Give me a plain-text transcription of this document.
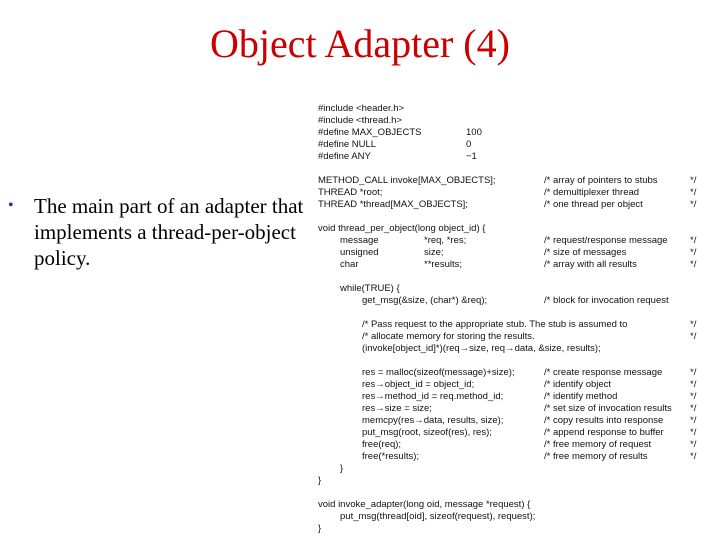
Object Adapter (4)
• The main part of an adapter that implements a thread-per-object policy.
#include <header.h>
#include <thread.h>
#define MAX_OBJECTS	100
#define NULL	0
#define ANY	−1
METHOD_CALL invoke[MAX_OBJECTS];	/* array of pointers to stubs	*/
THREAD *root;	/* demultiplexer thread	*/
THREAD *thread[MAX_OBJECTS];	/* one thread per object	*/
void thread_per_object(long object_id) {
message	*req, *res;	/* request/response message */
unsigned	size;	/* size of messages	*/
char	**results;	/* array with all results	*/
while(TRUE) {
get_msg(&size, (char*) &req);	/* block for invocation request
/* Pass request to the appropriate stub. The stub is assumed to	*/
/* allocate memory for storing the results.	*/
(invoke[object_id]*)(req→size, req→data, &size, results);
res = malloc(sizeof(message)+size);	/* create response message	*/
res→object_id = object_id;	/* identify object	*/
res→method_id = req.method_id;	/* identify method	*/
res→size = size;	/* set size of invocation results */
memcpy(res→data, results, size);	/* copy results into response	*/
put_msg(root, sizeof(res), res);	/* append response to buffer	*/
free(req);	/* free memory of request	*/
free(*results);	/* free memory of results	*/
}
}
void invoke_adapter(long oid, message *request) {
put_msg(thread[oid], sizeof(request), request);
}
